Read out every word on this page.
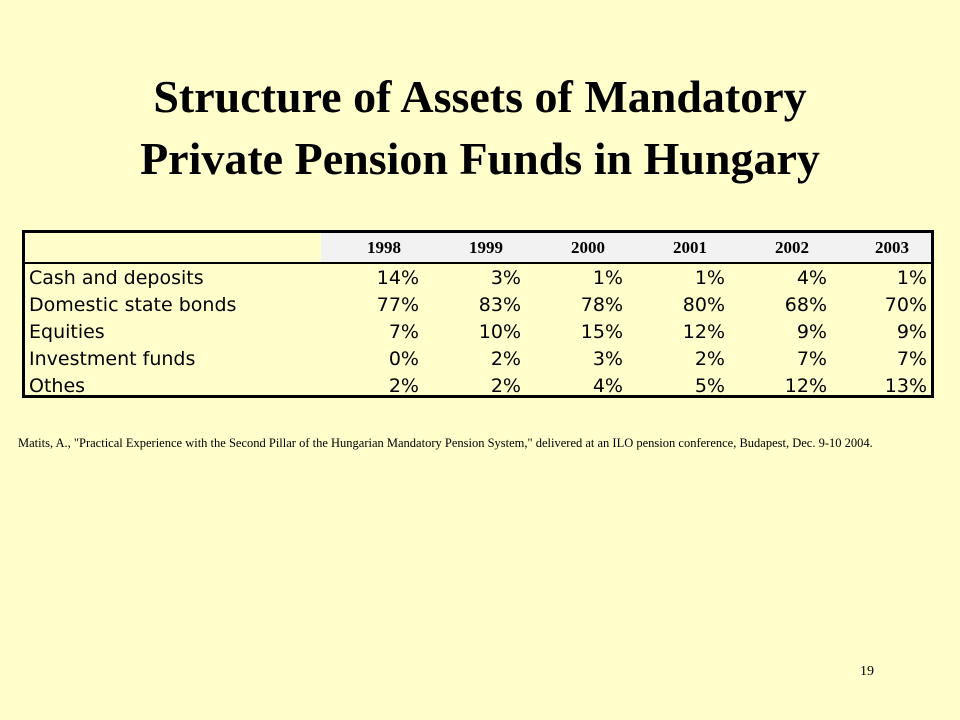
Structure of Assets of Mandatory
Private Pension Funds in Hungary
	1998	1999	2000	2001	2002	2003
Cash and deposits	14%	3%	1%	1%	4%	1%
Domestic state bonds	77%	83%	78%	80%	68%	70%
Equities	7%	10%	15%	12%	9%	9%
Investment funds	0%	2%	3%	2%	7%	7%
Othes	2%	2%	4%	5%	12%	13%
Matits, A., "Practical Experience with the Second Pillar of the Hungarian Mandatory Pension System," delivered at an ILO pension conference, Budapest, Dec. 9-10 2004.
19
